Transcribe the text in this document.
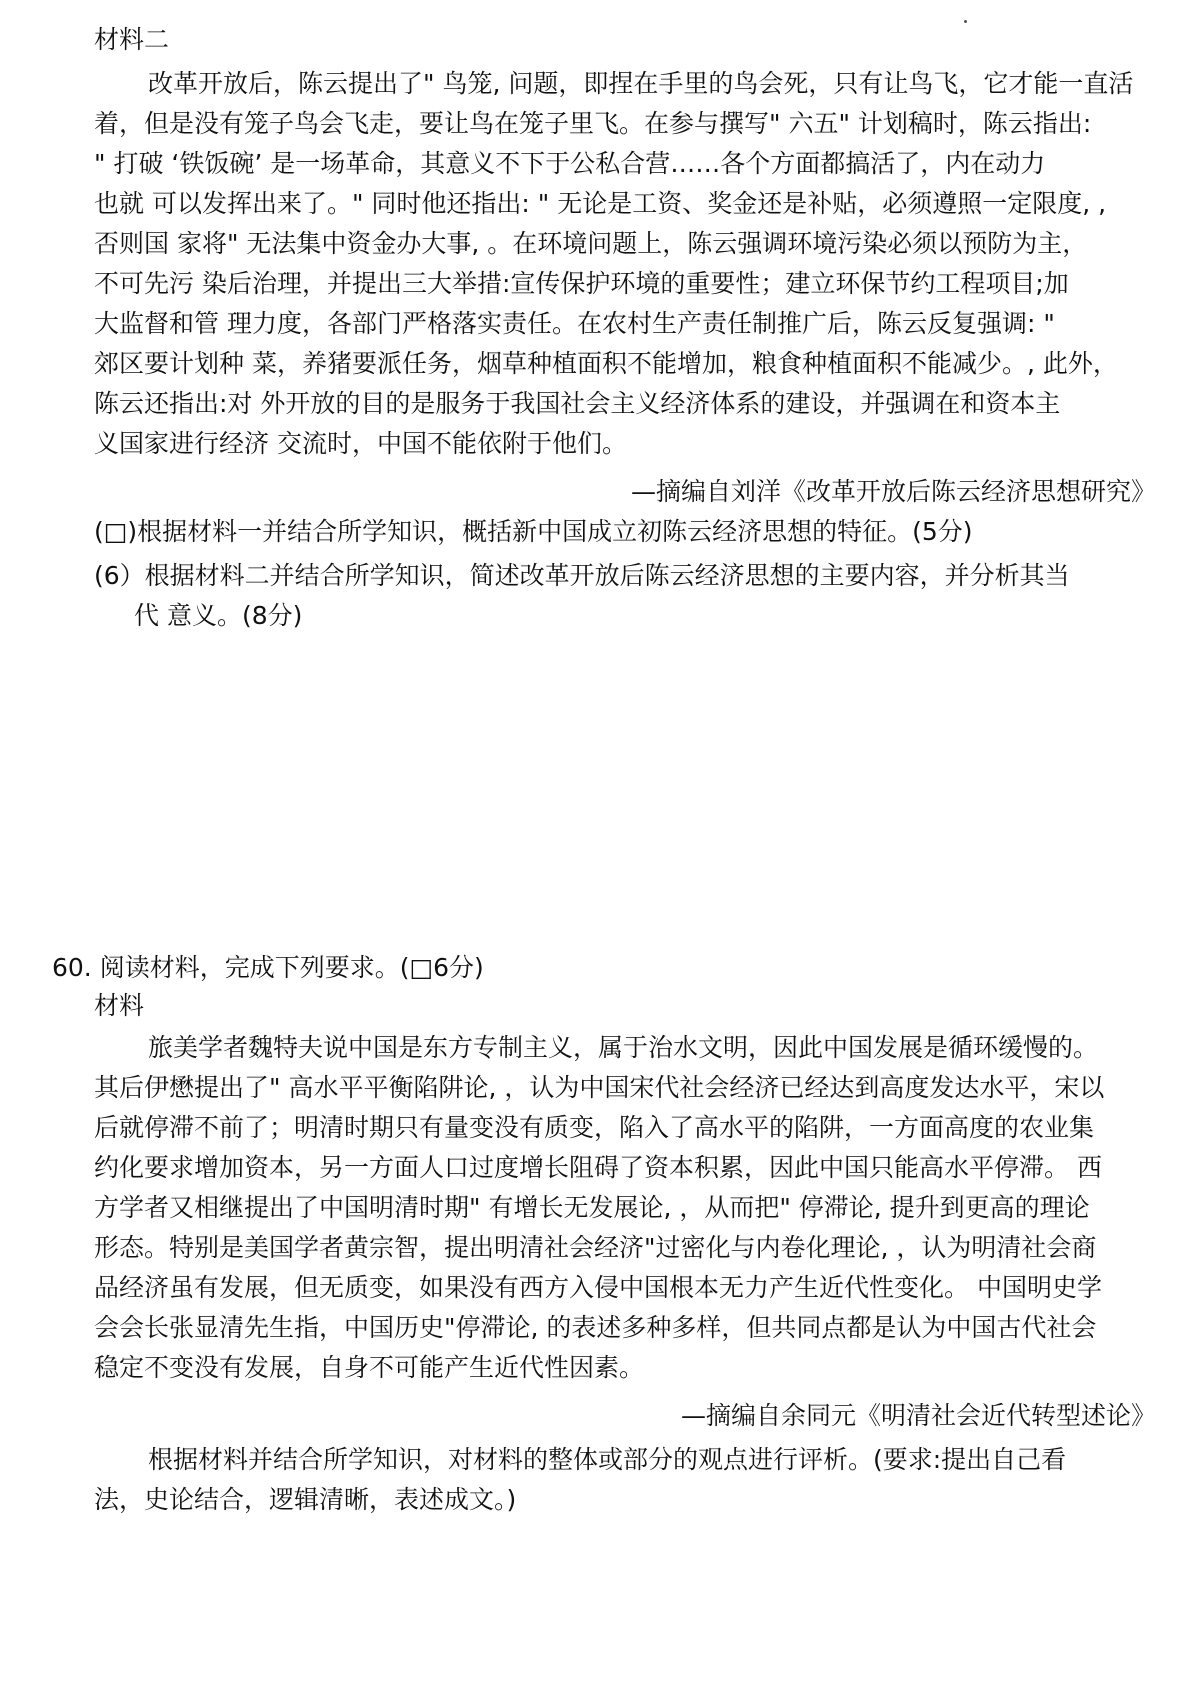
材料二
改革开放后，陈云提出了" 鸟笼, 问题，即捏在手里的鸟会死，只有让鸟飞，它才能一直活
着，但是没有笼子鸟会飞走，要让鸟在笼子里飞。在参与撰写" 六五" 计划稿时，陈云指出:
" 打破 ‘铁饭碗’ 是一场革命，其意义不下于公私合营……各个方面都搞活了，内在动力
也就 可以发挥出来了。" 同时他还指出: " 无论是工资、奖金还是补贴，必须遵照一定限度, ,
否则国 家将" 无法集中资金办大事, 。在环境问题上，陈云强调环境污染必须以预防为主，
不可先污 染后治理，并提出三大举措:宣传保护环境的重要性；建立环保节约工程项目;加
大监督和管 理力度，各部门严格落实责任。在农村生产责任制推广后，陈云反复强调: "
郊区要计划种 菜，养猪要派任务，烟草种植面积不能增加，粮食种植面积不能减少。, 此外，
陈云还指出:对 外开放的目的是服务于我国社会主义经济体系的建设，并强调在和资本主
义国家进行经济 交流时，中国不能依附于他们。
—摘编自刘洋《改革开放后陈云经济思想研究》
(□)根据材料一并结合所学知识，概括新中国成立初陈云经济思想的特征。(5分)
(6）根据材料二并结合所学知识，简述改革开放后陈云经济思想的主要内容，并分析其当
代 意义。(8分)
60. 阅读材料，完成下列要求。(□6分)
材料
旅美学者魏特夫说中国是东方专制主义，属于治水文明，因此中国发展是循环缓慢的。
其后伊懋提出了" 高水平平衡陷阱论, ，认为中国宋代社会经济已经达到高度发达水平，宋以
后就停滞不前了；明清时期只有量变没有质变，陷入了高水平的陷阱，一方面高度的农业集
约化要求增加资本，另一方面人口过度增长阻碍了资本积累，因此中国只能高水平停滞。 西
方学者又相继提出了中国明清时期" 有增长无发展论, ，从而把" 停滞论, 提升到更高的理论
形态。特别是美国学者黄宗智，提出明清社会经济"过密化与内卷化理论, ，认为明清社会商
品经济虽有发展，但无质变，如果没有西方入侵中国根本无力产生近代性变化。 中国明史学
会会长张显清先生指，中国历史"停滞论, 的表述多种多样，但共同点都是认为中国古代社会
稳定不变没有发展，自身不可能产生近代性因素。
—摘编自余同元《明清社会近代转型述论》
根据材料并结合所学知识，对材料的整体或部分的观点进行评析。(要求:提出自己看
法，史论结合，逻辑清晰，表述成文。)
